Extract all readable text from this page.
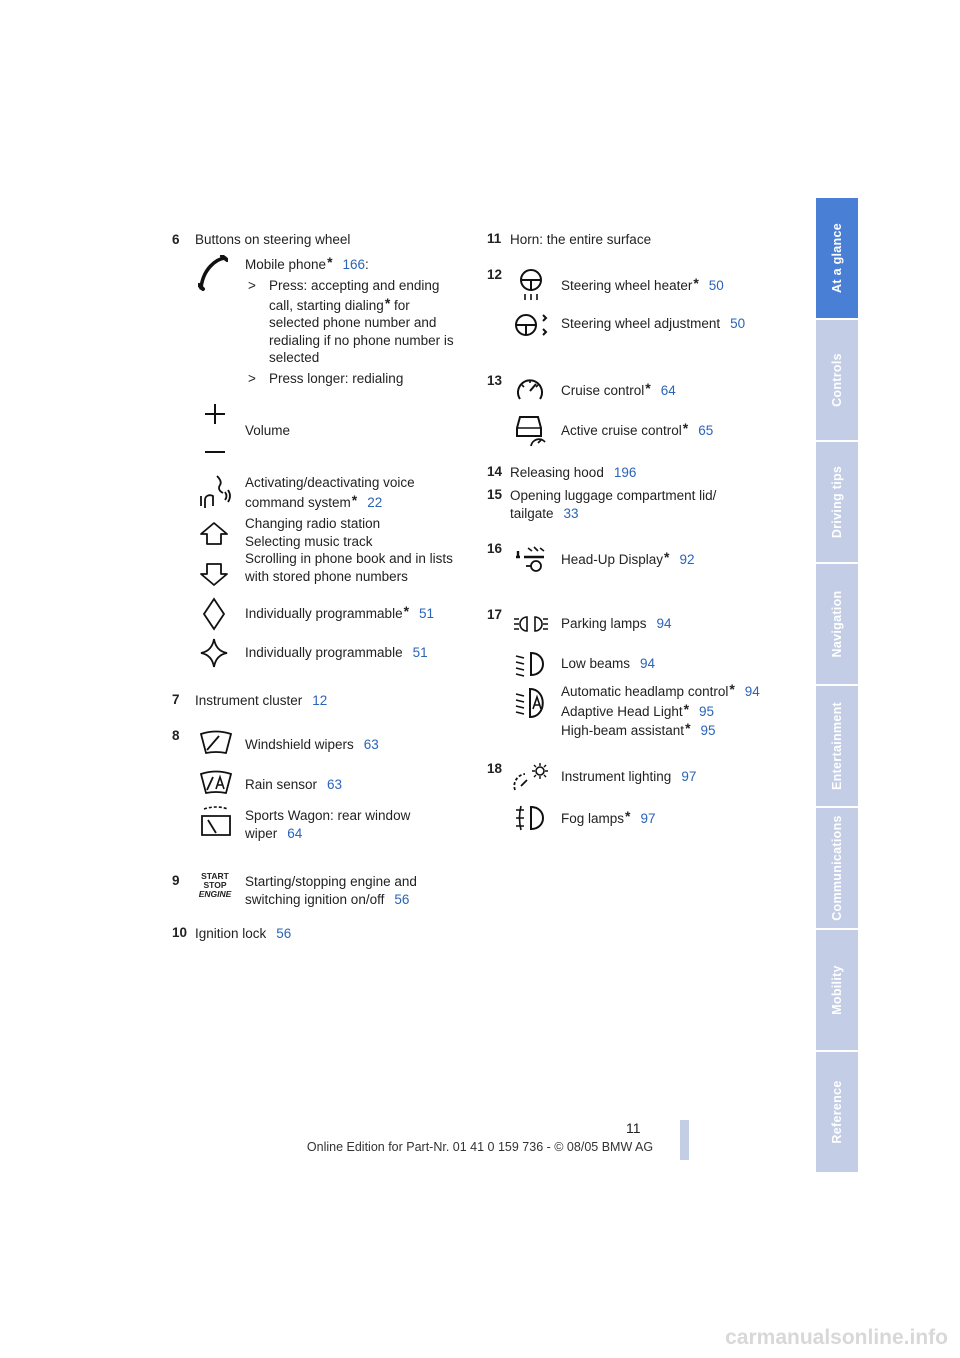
6 Buttons on steering wheel
Mobile phone* 166:
> Press: accepting and ending call, starting dialing* for selected phone number and redialing if no phone number is selected
> Press longer: redialing
Volume
Activating/deactivating voice
command system* 22
Changing radio station
Selecting music track
Scrolling in phone book and in lists
with stored phone numbers
Individually programmable* 51
Individually programmable 51
7 Instrument cluster 12
8
Windshield wipers 63
Rain sensor 63
Sports Wagon: rear window
wiper 64
9	START
STOP
ENGINE
Starting/stopping engine and
switching ignition on/off 56
10 Ignition lock 56
11 Horn: the entire surface
12
Steering wheel heater* 50
Steering wheel adjustment 50
13
Cruise control* 64
Active cruise control* 65
14 Releasing hood 196
15 Opening luggage compartment lid/
tailgate 33
16
Head-Up Display* 92
17
Parking lamps 94
Low beams 94
Automatic headlamp control* 94
Adaptive Head Light* 95
High-beam assistant* 95
18
Instrument lighting 97
Fog lamps* 97
At a glance
Controls
Driving tips
Navigation
Entertainment
Communications
Mobility
Reference
11
Online Edition for Part-Nr. 01 41 0 159 736 - © 08/05 BMW AG
carmanualsonline.info
